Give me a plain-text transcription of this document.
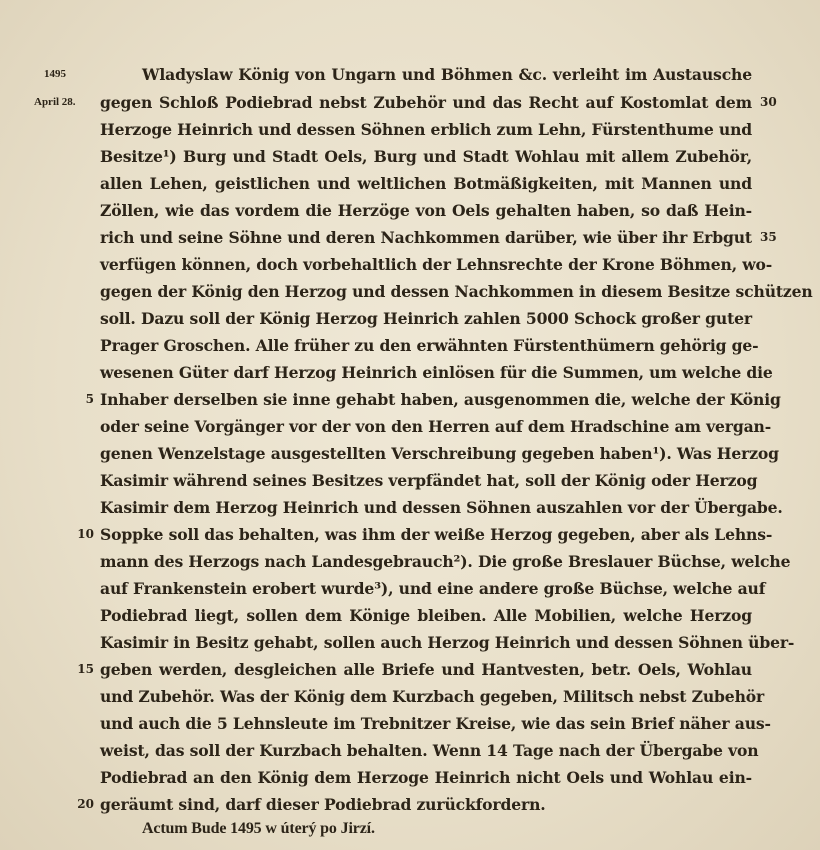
1495
April 28.
Wladyslaw König von Ungarn und Böhmen &c. verleiht im Austausche
gegen Schloß Podiebrad nebst Zubehör und das Recht auf Kostomlat dem
Herzoge Heinrich und dessen Söhnen erblich zum Lehn, Fürstenthume und
Besitze¹) Burg und Stadt Oels, Burg und Stadt Wohlau mit allem Zubehör,
allen Lehen, geistlichen und weltlichen Botmäßigkeiten, mit Mannen und
Zöllen, wie das vordem die Herzöge von Oels gehalten haben, so daß Hein-
rich und seine Söhne und deren Nachkommen darüber, wie über ihr Erbgut
verfügen können, doch vorbehaltlich der Lehnsrechte der Krone Böhmen, wo-
gegen der König den Herzog und dessen Nachkommen in diesem Besitze schützen
soll. Dazu soll der König Herzog Heinrich zahlen 5000 Schock großer guter
Prager Groschen. Alle früher zu den erwähnten Fürstenthümern gehörig ge-
wesenen Güter darf Herzog Heinrich einlösen für die Summen, um welche die
Inhaber derselben sie inne gehabt haben, ausgenommen die, welche der König
oder seine Vorgänger vor der von den Herren auf dem Hradschine am vergan-
genen Wenzelstage ausgestellten Verschreibung gegeben haben¹). Was Herzog
Kasimir während seines Besitzes verpfändet hat, soll der König oder Herzog
Kasimir dem Herzog Heinrich und dessen Söhnen auszahlen vor der Übergabe.
Soppke soll das behalten, was ihm der weiße Herzog gegeben, aber als Lehns-
mann des Herzogs nach Landesgebrauch²). Die große Breslauer Büchse, welche
auf Frankenstein erobert wurde³), und eine andere große Büchse, welche auf
Podiebrad liegt, sollen dem Könige bleiben. Alle Mobilien, welche Herzog
Kasimir in Besitz gehabt, sollen auch Herzog Heinrich und dessen Söhnen über-
geben werden, desgleichen alle Briefe und Hantvesten, betr. Oels, Wohlau
und Zubehör. Was der König dem Kurzbach gegeben, Militsch nebst Zubehör
und auch die 5 Lehnsleute im Trebnitzer Kreise, wie das sein Brief näher aus-
weist, das soll der Kurzbach behalten. Wenn 14 Tage nach der Übergabe von
Podiebrad an den König dem Herzoge Heinrich nicht Oels und Wohlau ein-
geräumt sind, darf dieser Podiebrad zurückfordern.
Actum Bude 1495 w úterý po Jirzí.
30
35
5
10
15
20
